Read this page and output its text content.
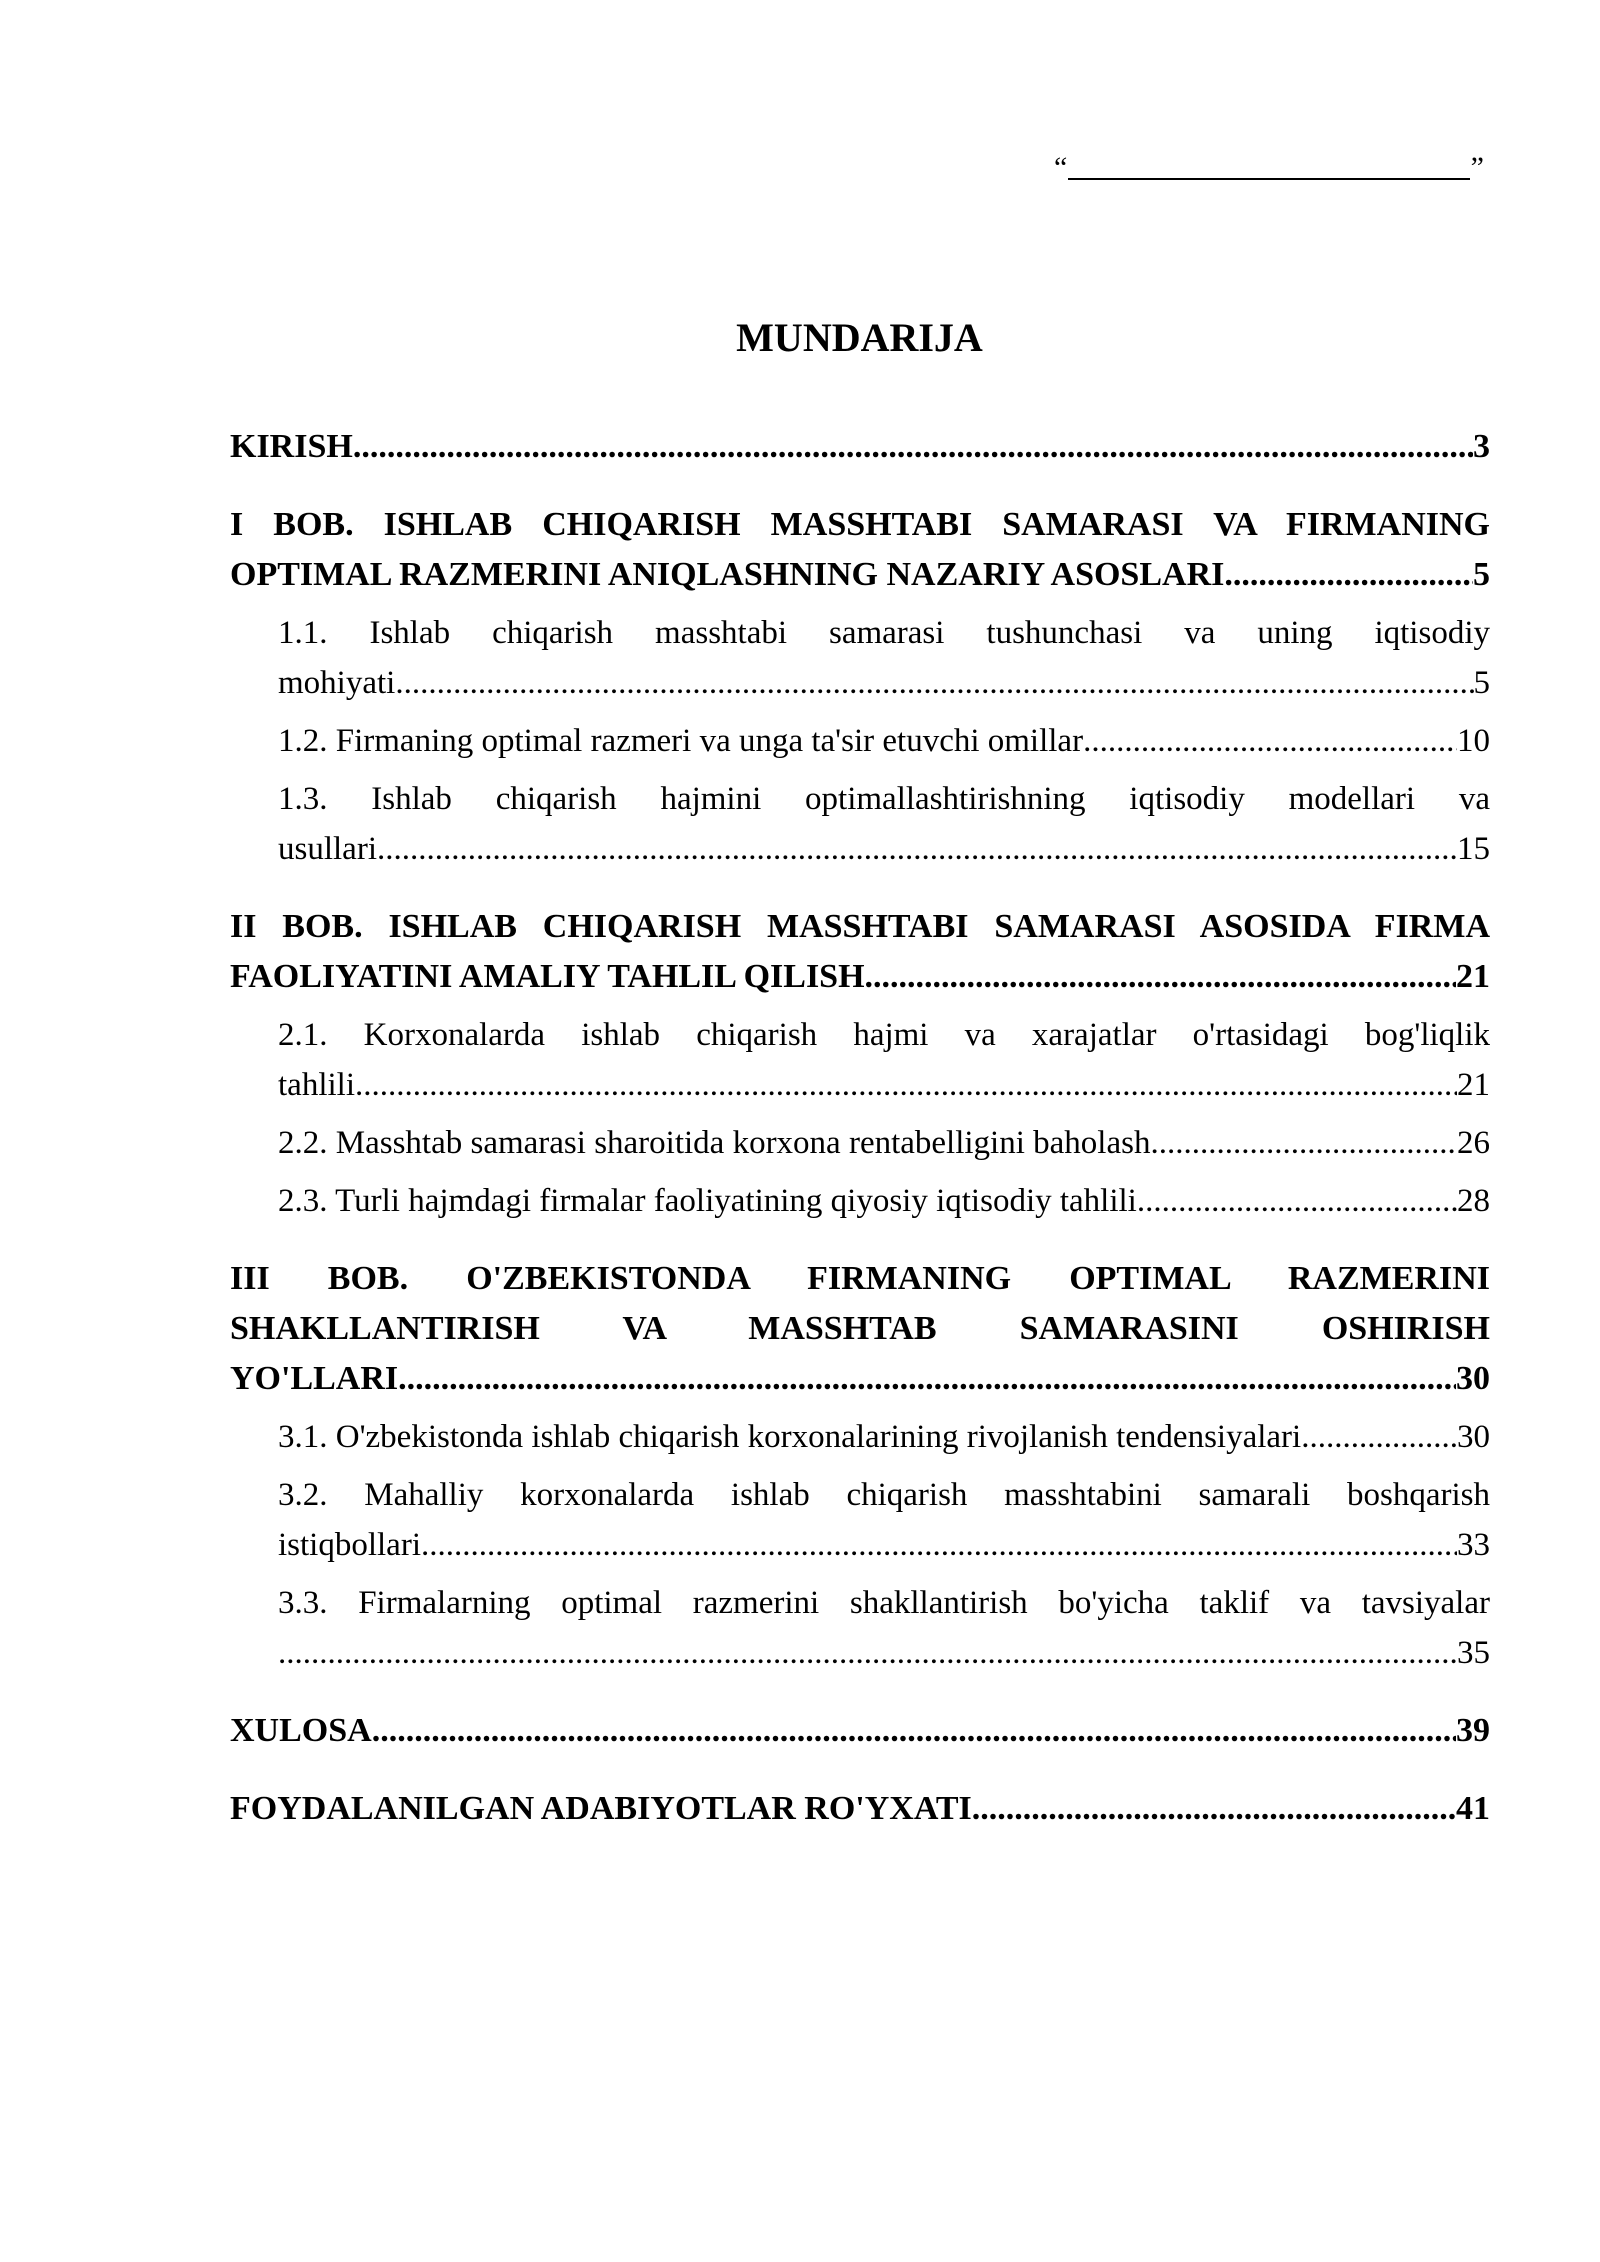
“	”
MUNDARIJA
KIRISH .....	3
I BOB. ISHLAB CHIQARISH MASSHTABI SAMARASI VA FIRMANING
OPTIMAL RAZMERINI ANIQLASHNING NAZARIY ASOSLARI .....	5
1.1. Ishlab chiqarish masshtabi samarasi tushunchasi va uning iqtisodiy
mohiyati .....	5
1.2. Firmaning optimal razmeri va unga ta'sir etuvchi omillar .....	10
1.3. Ishlab chiqarish hajmini optimallashtirishning iqtisodiy modellari va
usullari .....	15
II BOB. ISHLAB CHIQARISH MASSHTABI SAMARASI ASOSIDA FIRMA
FAOLIYATINI AMALIY TAHLIL QILISH .....	21
2.1. Korxonalarda ishlab chiqarish hajmi va xarajatlar o'rtasidagi bog'liqlik
tahlili .....	21
2.2. Masshtab samarasi sharoitida korxona rentabelligini baholash .....	26
2.3. Turli hajmdagi firmalar faoliyatining qiyosiy iqtisodiy tahlili .....	28
III BOB. O'ZBEKISTONDA FIRMANING OPTIMAL RAZMERINI
SHAKLLANTIRISH VA MASSHTAB SAMARASINI OSHIRISH
YO'LLARI .....	30
3.1. O'zbekistonda ishlab chiqarish korxonalarining rivojlanish tendensiyalari .....	30
3.2. Mahalliy korxonalarda ishlab chiqarish masshtabini samarali boshqarish
istiqbollari .....	33
3.3. Firmalarning optimal razmerini shakllantirish bo'yicha taklif va tavsiyalar
.....
35
XULOSA .....	39
FOYDALANILGAN ADABIYOTLAR RO'YXATI .....	41
